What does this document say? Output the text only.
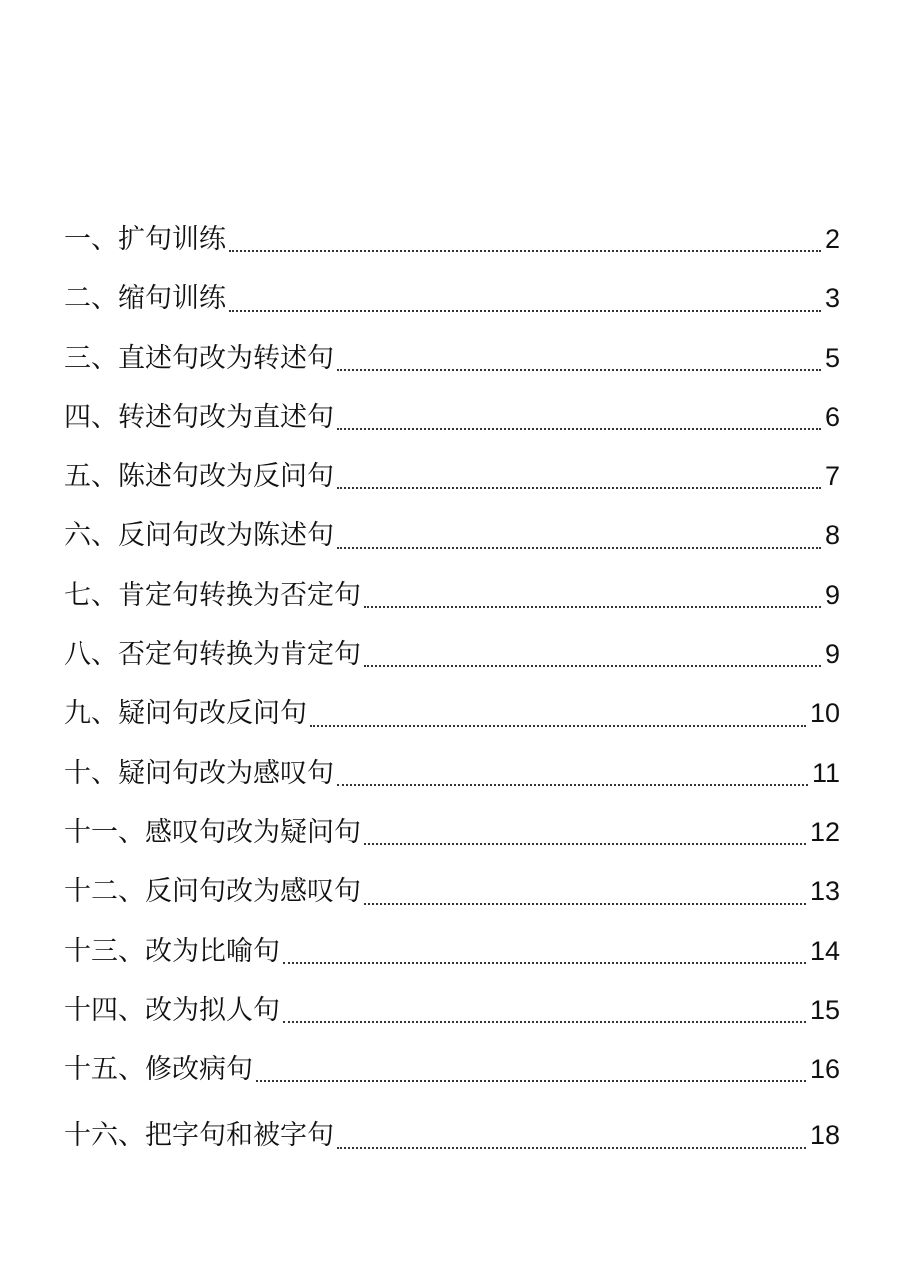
一、扩句训练	2
二、缩句训练	3
三、直述句改为转述句	5
四、转述句改为直述句	6
五、陈述句改为反问句	7
六、反问句改为陈述句	8
七、肯定句转换为否定句	9
八、否定句转换为肯定句	9
九、疑问句改反问句	10
十、疑问句改为感叹句	11
十一、感叹句改为疑问句	12
十二、反问句改为感叹句	13
十三、改为比喻句	14
十四、改为拟人句	15
十五、修改病句	16
十六、把字句和被字句	18
